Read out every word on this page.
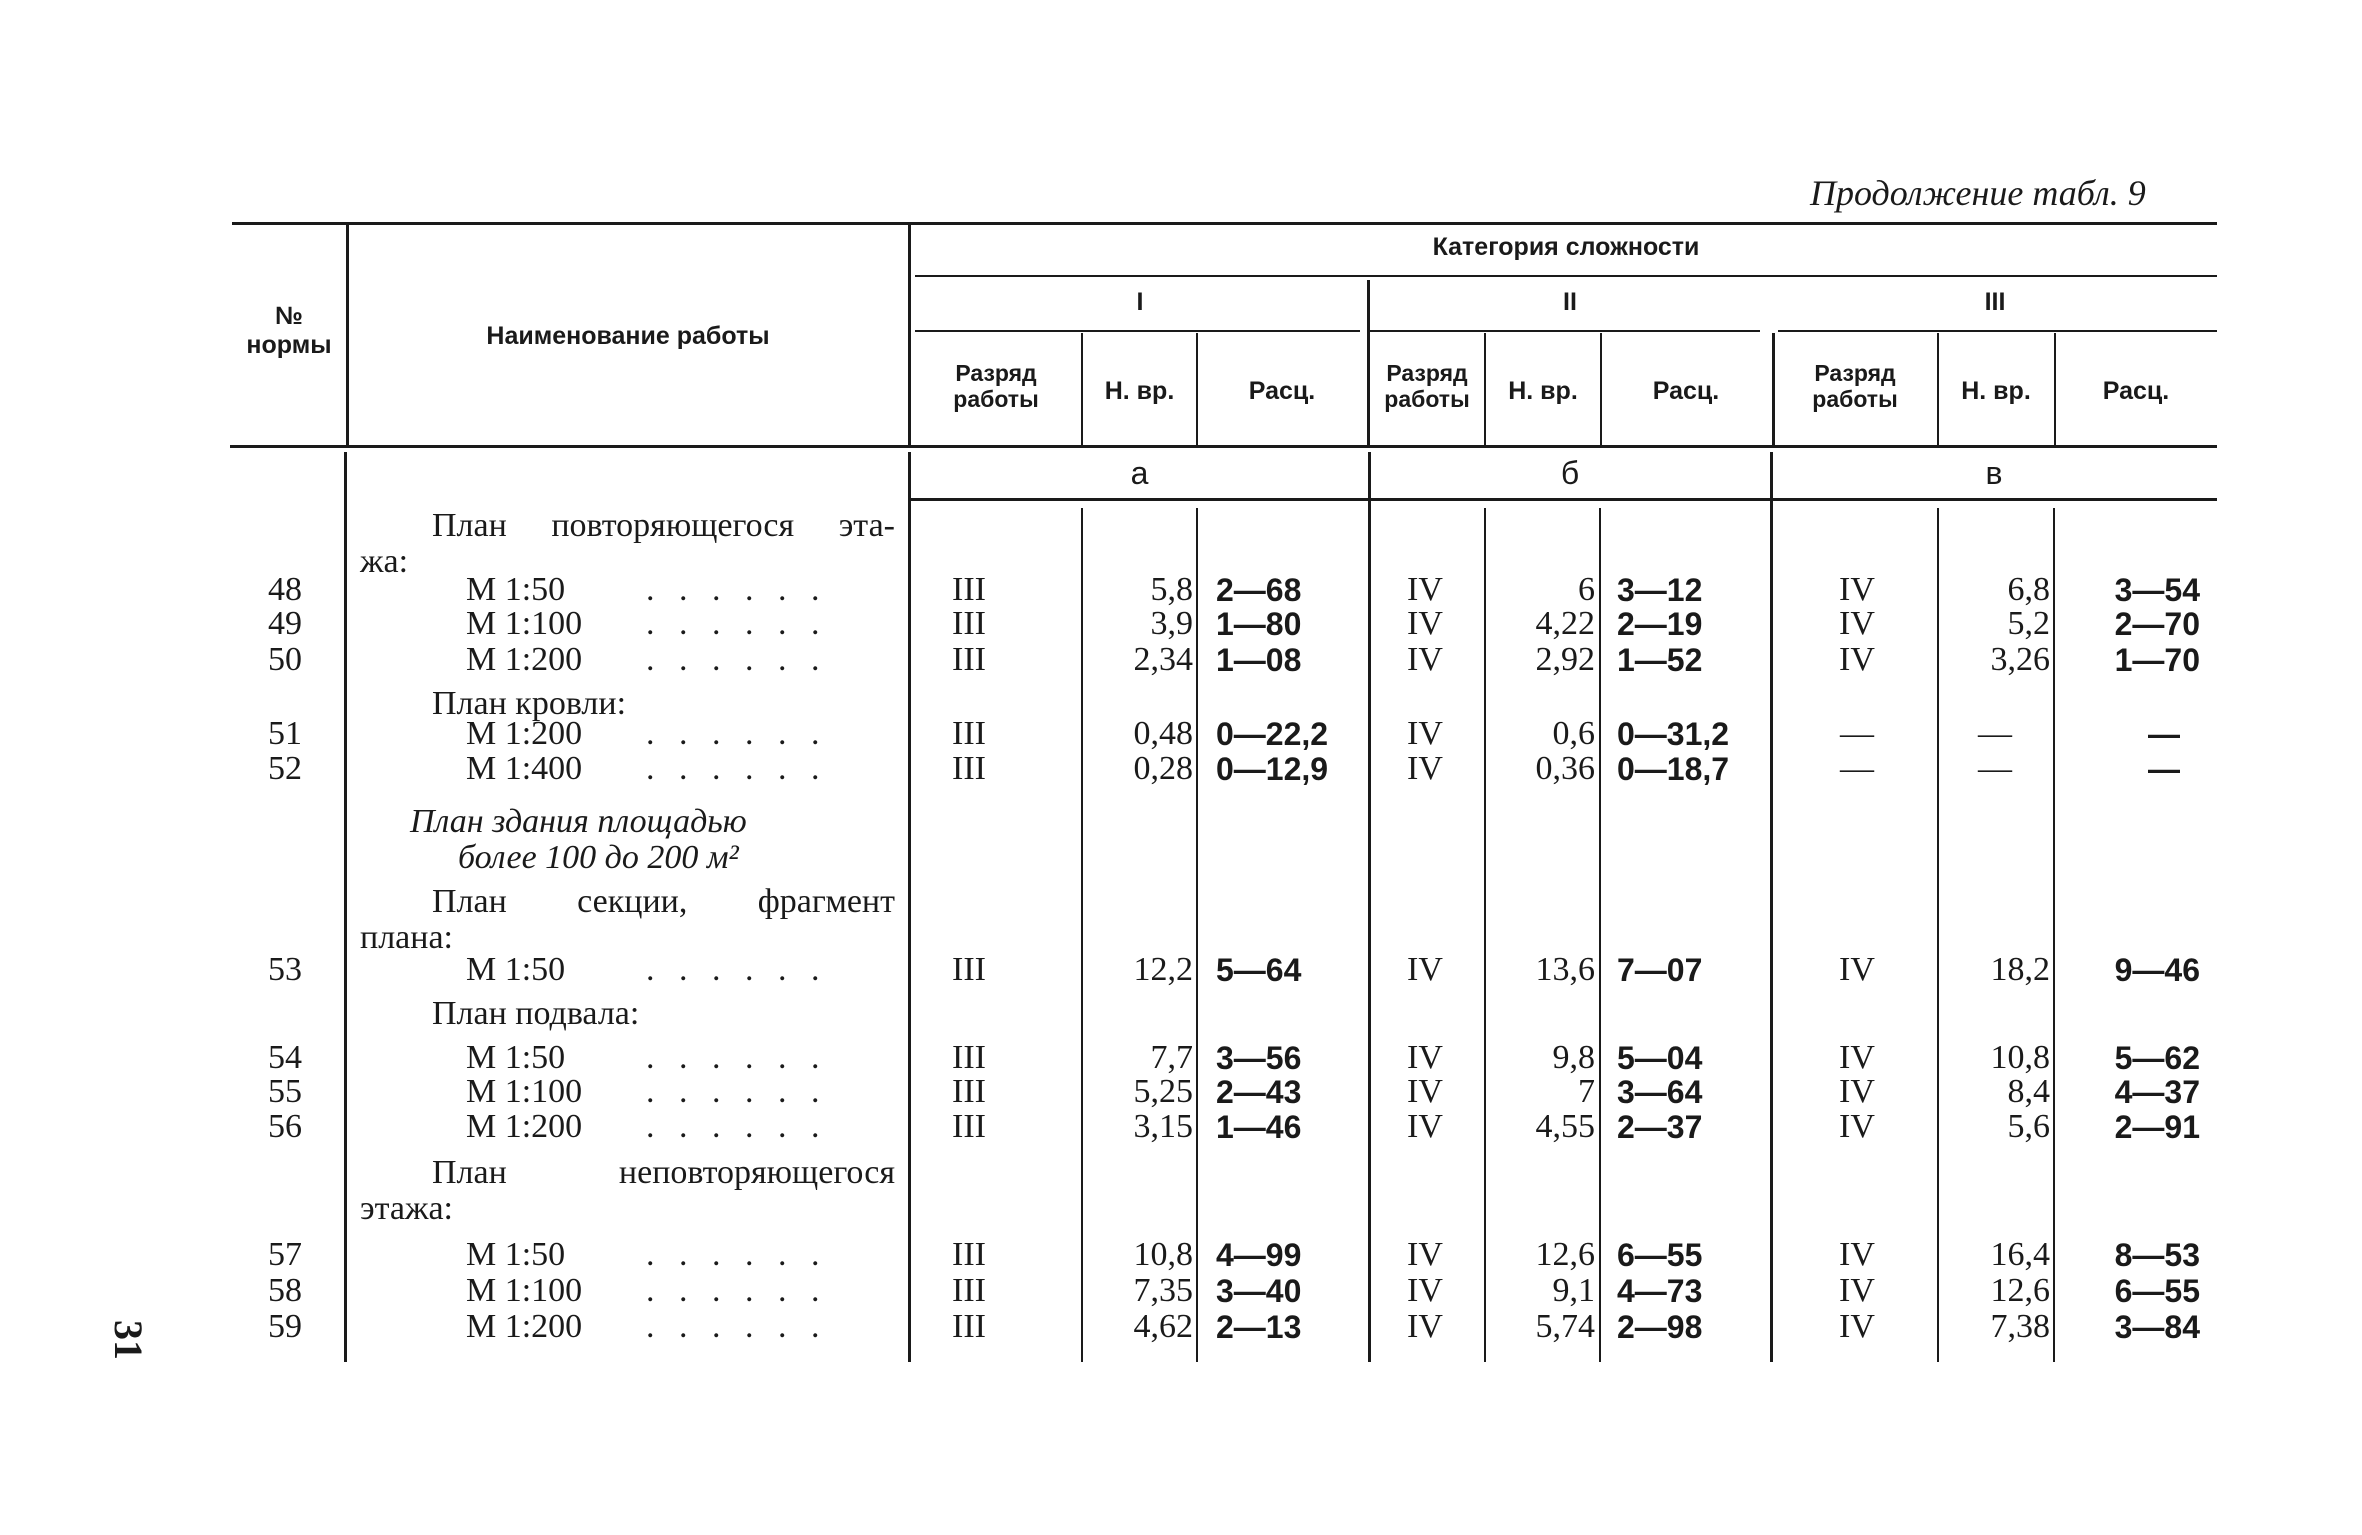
Продолжение табл. 9
№
нормы	Наименование работы
Категория сложности
I	II	III
Разряд
работы	Н. вр.	Расц.
Разряд
работы	Н. вр.	Расц.
Разряд
работы	Н. вр.	Расц.
а	б	в
План повторяющегося эта-
жа:
План кровли:
План здания площадью
более 100 до 200 м²
План секции, фрагмент
плана:
План подвала:
План неповторяющегося
этажа:
48	М 1:50 . . . . . .	III	5,8 2—68	IV	6 3—12	IV	6,8	3—54
49	М 1:100 . . . . . .	III	3,9 1—80	IV	4,22 2—19	IV	5,2	2—70
50	М 1:200 . . . . . .	III	2,34 1—08	IV	2,92 1—52	IV	3,26	1—70
51	М 1:200 . . . . . .	III	0,48 0—22,2	IV	0,6 0—31,2	—	—	—
52	М 1:400 . . . . . .	III	0,28 0—12,9	IV	0,36 0—18,7	—	—	—
53	М 1:50 . . . . . .	III	12,2 5—64	IV	13,6 7—07	IV	18,2	9—46
54	М 1:50 . . . . . .	III	7,7 3—56	IV	9,8 5—04	IV	10,8	5—62
55	М 1:100 . . . . . .	III	5,25 2—43	IV	7 3—64	IV	8,4	4—37
56	М 1:200 . . . . . .	III	3,15 1—46	IV	4,55 2—37	IV	5,6	2—91
57	М 1:50 . . . . . .	III	10,8 4—99	IV	12,6 6—55	IV	16,4	8—53
58	М 1:100 . . . . . .	III	7,35 3—40	IV	9,1 4—73	IV	12,6	6—55
59	М 1:200 . . . . . .	III	4,62 2—13	IV	5,74 2—98	IV	7,38	3—84
31
